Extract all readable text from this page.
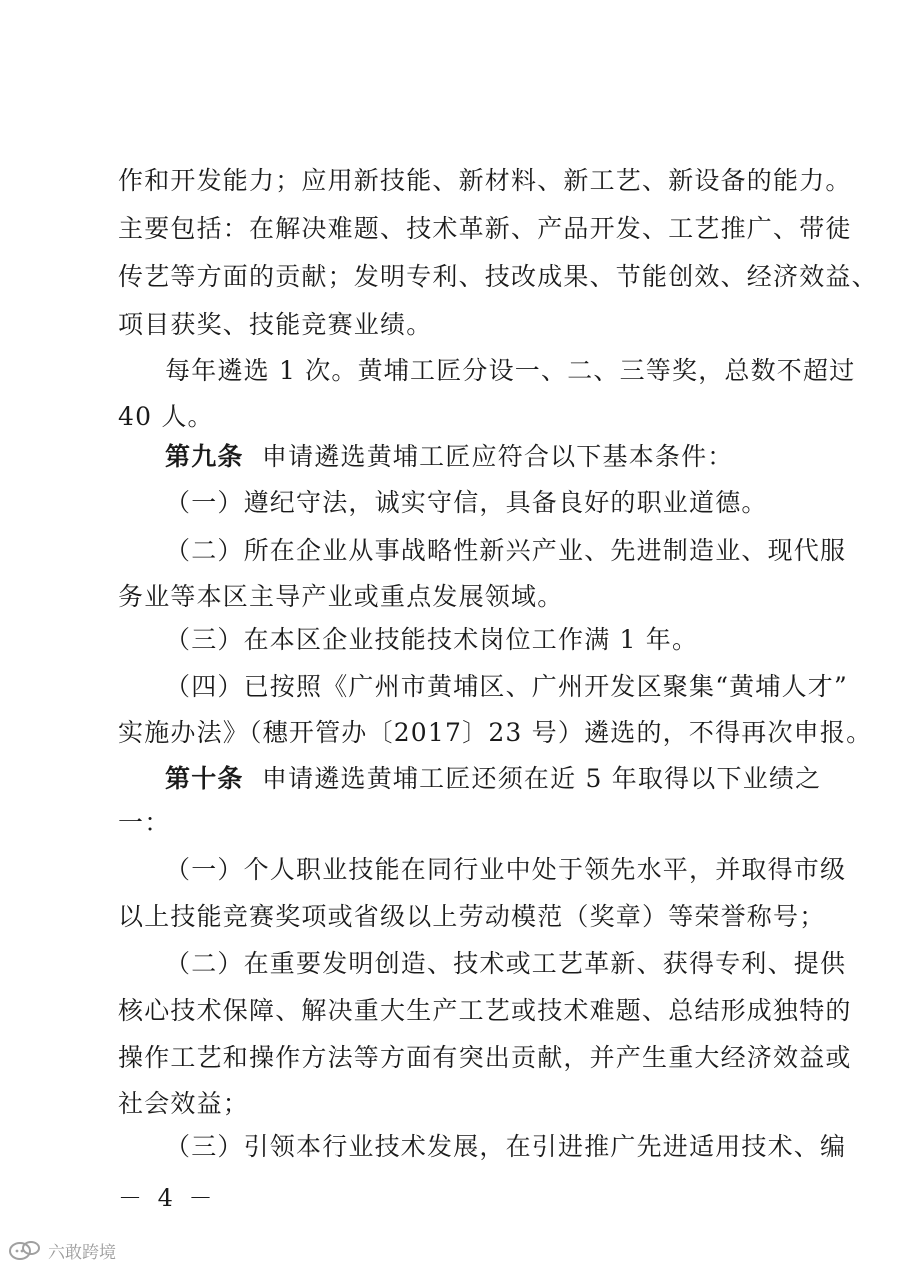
作和开发能力；应用新技能、新材料、新工艺、新设备的能力。
主要包括：在解决难题、技术革新、产品开发、工艺推广、带徒
传艺等方面的贡献；发明专利、技改成果、节能创效、经济效益、
项目获奖、技能竞赛业绩。
每年遴选 1 次。黄埔工匠分设一、二、三等奖，总数不超过
40 人。
第九条 申请遴选黄埔工匠应符合以下基本条件：
（一）遵纪守法，诚实守信，具备良好的职业道德。
（二）所在企业从事战略性新兴产业、先进制造业、现代服
务业等本区主导产业或重点发展领域。
（三）在本区企业技能技术岗位工作满 1 年。
（四）已按照《广州市黄埔区、广州开发区聚集“黄埔人才”
实施办法》（穗开管办〔2017〕23 号）遴选的，不得再次申报。
第十条 申请遴选黄埔工匠还须在近 5 年取得以下业绩之
一：
（一）个人职业技能在同行业中处于领先水平，并取得市级
以上技能竞赛奖项或省级以上劳动模范（奖章）等荣誉称号；
（二）在重要发明创造、技术或工艺革新、获得专利、提供
核心技术保障、解决重大生产工艺或技术难题、总结形成独特的
操作工艺和操作方法等方面有突出贡献，并产生重大经济效益或
社会效益；
（三）引领本行业技术发展，在引进推广先进适用技术、编
－ 4 －
六敢跨境
